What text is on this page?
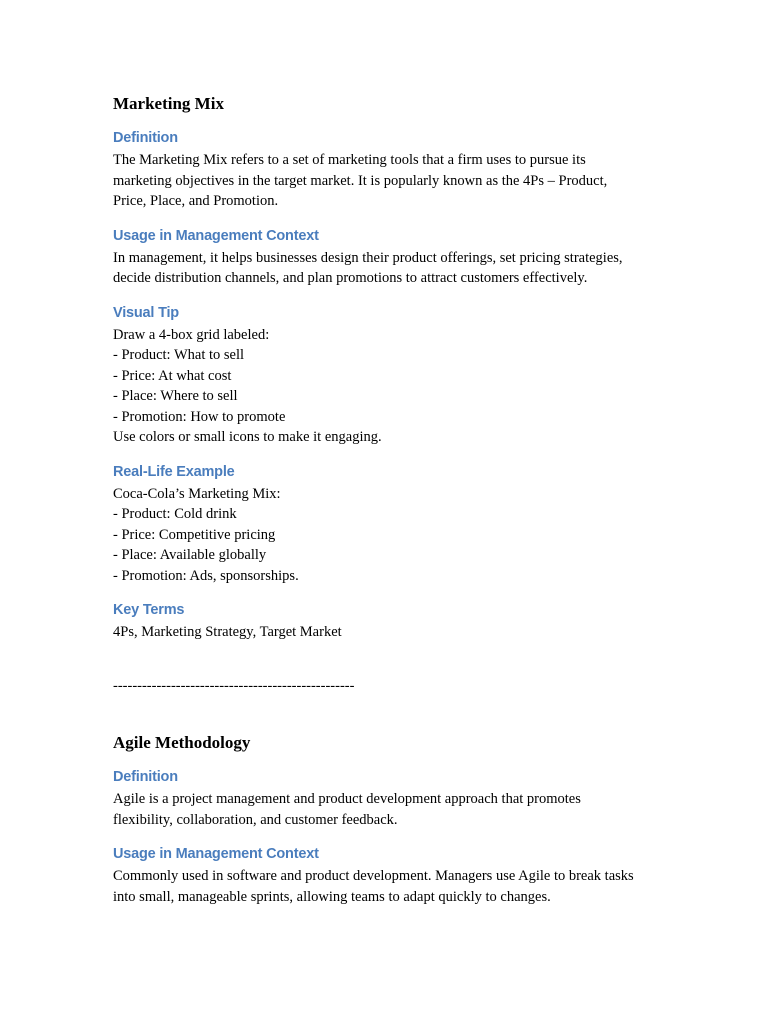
Marketing Mix
Definition

The Marketing Mix refers to a set of marketing tools that a firm uses to pursue its
marketing objectives in the target market. It is popularly known as the 4Ps – Product,
Price, Place, and Promotion.

Usage in Management Context

In management, it helps businesses design their product offerings, set pricing strategies,
decide distribution channels, and plan promotions to attract customers effectively.

Visual Tip

Draw a 4-box grid labeled:
- Product: What to sell
- Price: At what cost
- Place: Where to sell
- Promotion: How to promote
Use colors or small icons to make it engaging.

Real-Life Example

Coca-Cola’s Marketing Mix:
- Product: Cold drink
- Price: Competitive pricing
- Place: Available globally
- Promotion: Ads, sponsorships.

Key Terms

4Ps, Marketing Strategy, Target Market

--------------------------------------------------
Agile Methodology
Definition

Agile is a project management and product development approach that promotes
flexibility, collaboration, and customer feedback.

Usage in Management Context

Commonly used in software and product development. Managers use Agile to break tasks
into small, manageable sprints, allowing teams to adapt quickly to changes.
